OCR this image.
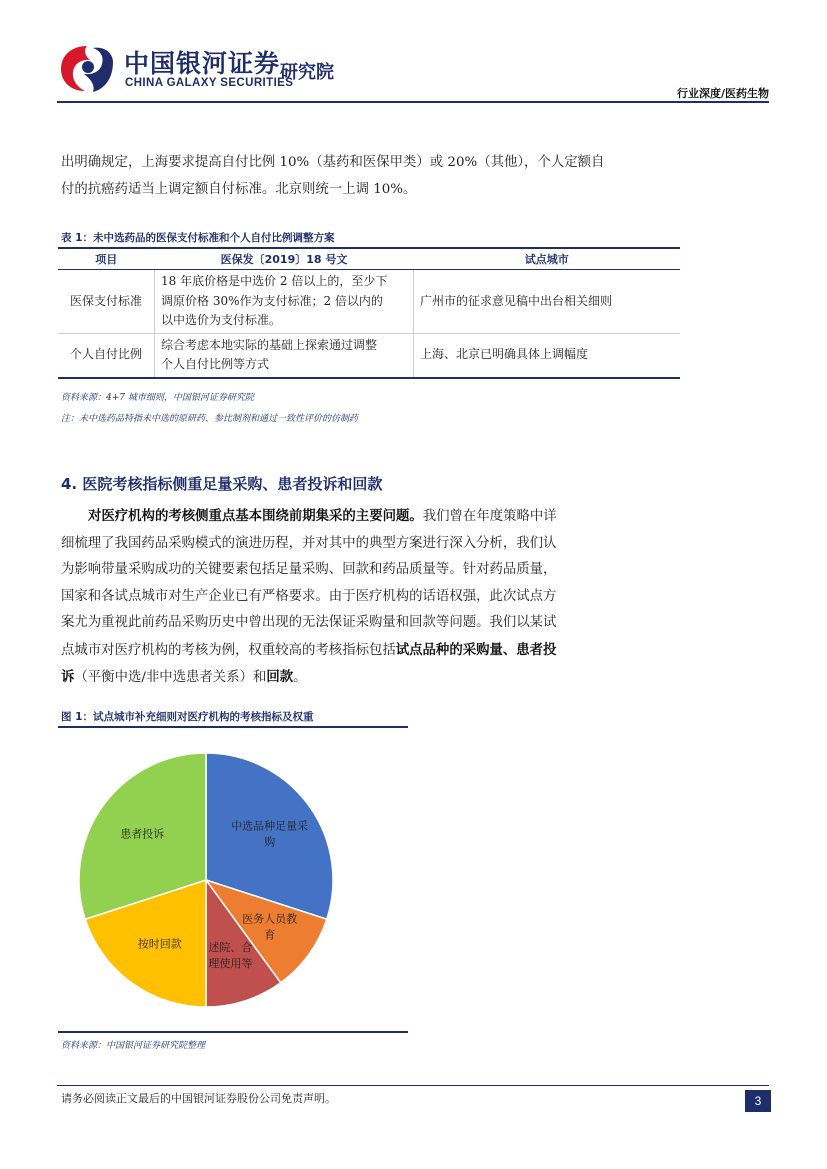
中国银河证券
CHINA GALAXY SECURITIES
研究院
行业深度/医药生物
出明确规定，上海要求提高自付比例 10%（基药和医保甲类）或 20%（其他），个人定额自
付的抗癌药适当上调定额自付标准。北京则统一上调 10%。
表 1：未中选药品的医保支付标准和个人自付比例调整方案
项目	医保发〔2019〕18 号文	试点城市
医保支付标准	18 年底价格是中选价 2 倍以上的，至少下
调原价格 30%作为支付标准；2 倍以内的
以中选价为支付标准。	广州市的征求意见稿中出台相关细则
个人自付比例	综合考虑本地实际的基础上探索通过调整
个人自付比例等方式	上海、北京已明确具体上调幅度
资料来源：4+7 城市细则，中国银河证券研究院
注：未中选药品特指未中选的原研药、参比制剂和通过一致性评价的仿制药
4. 医院考核指标侧重足量采购、患者投诉和回款
对医疗机构的考核侧重点基本围绕前期集采的主要问题。我们曾在年度策略中详
细梳理了我国药品采购模式的演进历程，并对其中的典型方案进行深入分析，我们认
为影响带量采购成功的关键要素包括足量采购、回款和药品质量等。针对药品质量，
国家和各试点城市对生产企业已有严格要求。由于医疗机构的话语权强，此次试点方
案尤为重视此前药品采购历史中曾出现的无法保证采购量和回款等问题。我们以某试
点城市对医疗机构的考核为例，权重较高的考核指标包括试点品种的采购量、患者投
诉（平衡中选/非中选患者关系）和回款。
图 1：试点城市补充细则对医疗机构的考核指标及权重
中选品种足量采购
医务人员教育
述院、合理使用等
按时回款
患者投诉
资料来源：中国银河证券研究院整理
请务必阅读正文最后的中国银河证券股份公司免责声明。	3
